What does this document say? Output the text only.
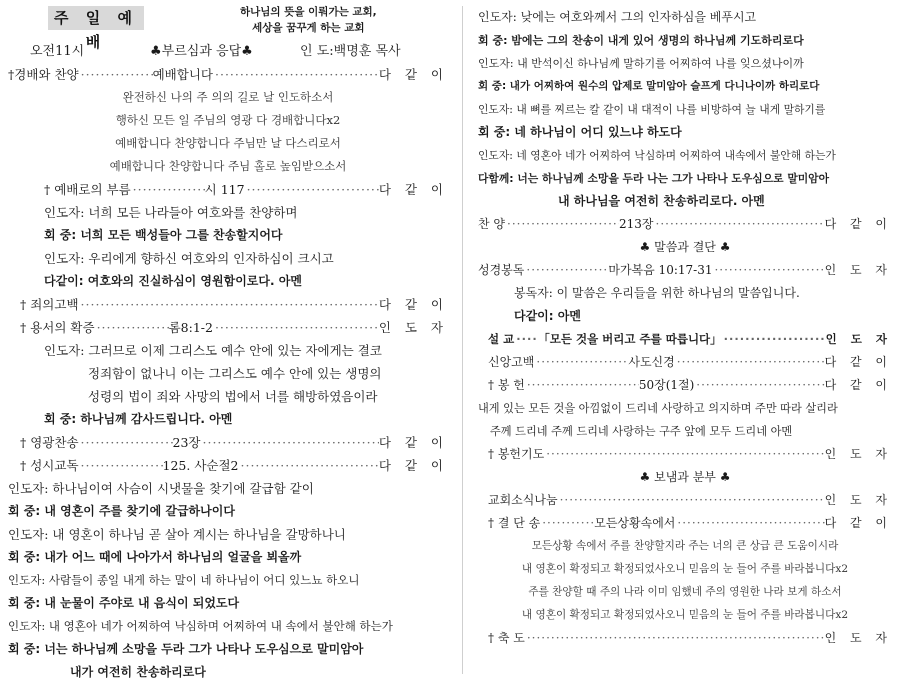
주 일 예 배
하나님의 뜻을 이뤄가는 교회,
세상을 꿈꾸게 하는 교회
오전11시	♣부르심과 응답♣	인 도: 백명훈 목사
†경배와 찬양 ·····	예배합니다 ·····	다 같 이
완전하신 나의 주 의의 길로 날 인도하소서
행하신 모든 일 주님의 영광 다 경배합니다x2
예배합니다 찬양합니다 주님만 날 다스리로서
예배합니다 찬양합니다 주님 홀로 높임받으소서
† 예배로의 부름 ·····	시 117 ·····	다 같 이
인도자: 너희 모든 나라들아 여호와를 찬양하며
회 중: 너희 모든 백성들아 그를 찬송할지어다
인도자: 우리에게 향하신 여호와의 인자하심이 크시고
다같이: 여호와의 진실하심이 영원함이로다. 아멘
† 죄의고백 ·····	다 같 이
† 용서의 확증 ·····	롬8:1-2 ·····	인 도 자
인도자: 그러므로 이제 그리스도 예수 안에 있는 자에게는 결코
정죄함이 없나니 이는 그리스도 예수 안에 있는 생명의
성령의 법이 죄와 사망의 법에서 너를 해방하였음이라
회 중: 하나님께 감사드립니다. 아멘
† 영광찬송 ·····	23장 ·····	다 같 이
† 성시교독 ·····	125. 사순절2 ·····	다 같 이
인도자: 하나님이여 사슴이 시냇물을 찾기에 갈급함 같이
회 중: 내 영혼이 주를 찾기에 갈급하나이다
인도자: 내 영혼이 하나님 곧 살아 계시는 하나님을 갈망하나니
회 중: 내가 어느 때에 나아가서 하나님의 얼굴을 뵈올까
인도자: 사람들이 종일 내게 하는 말이 네 하나님이 어디 있느뇨 하오니
회 중: 내 눈물이 주야로 내 음식이 되었도다
인도자: 내 영혼아 네가 어찌하여 낙심하며 어찌하여 내 속에서 불안해 하는가
회 중: 너는 하나님께 소망을 두라 그가 나타나 도우심으로 말미암아
내가 여전히 찬송하리로다
인도자: 낮에는 여호와께서 그의 인자하심을 베푸시고
회 중: 밤에는 그의 찬송이 내게 있어 생명의 하나님께 기도하리로다
인도자: 내 반석이신 하나님께 말하기를 어찌하여 나를 잊으셨나이까
회 중: 내가 어찌하여 원수의 압제로 말미암아 슬프게 다니나이까 하리로다
인도자: 내 뼈를 찌르는 칼 같이 내 대적이 나를 비방하여 늘 내게 말하기를
회 중: 네 하나님이 어디 있느냐 하도다
인도자: 네 영혼아 네가 어찌하여 낙심하며 어찌하여 내속에서 불안해 하는가
다함께: 너는 하나님께 소망을 두라 나는 그가 나타나 도우심으로 말미암아
내 하나님을 여전히 찬송하리로다. 아멘
찬 양 ·····	213장 ·····	다 같 이
♣ 말씀과 결단 ♣
성경봉독 ·····	마가복음 10:17-31 ·····	인 도 자
봉독자: 이 말씀은 우리들을 위한 하나님의 말씀입니다.
다같이: 아멘
설 교 ····· 「모든 것을 버리고 주를 따릅니다」 ·····	인 도 자
신앙고백 ·····	사도신경 ·····	다 같 이
† 봉 헌 ·····	50장(1절) ·····	다 같 이
내게 있는 모든 것을 아낌없이 드리네 사랑하고 의지하며 주만 따라 살리라
주께 드리네 주께 드리네 사랑하는 구주 앞에 모두 드리네 아멘
† 봉헌기도 ·····	인 도 자
♣ 보냄과 분부 ♣
교회소식나눔 ·····	인 도 자
† 결 단 송 ·····	모든상황속에서 ·····	다 같 이
모든상황 속에서 주를 찬양할지라 주는 너의 큰 상급 큰 도움이시라
내 영혼이 확정되고 확정되었사오니 믿음의 눈 들어 주를 바라봅니다x2
주를 찬양할 때 주의 나라 이미 임했네 주의 영원한 나라 보게 하소서
내 영혼이 확정되고 확정되었사오니 믿음의 눈 들어 주를 바라봅니다x2
† 축 도 ·····	인 도 자
